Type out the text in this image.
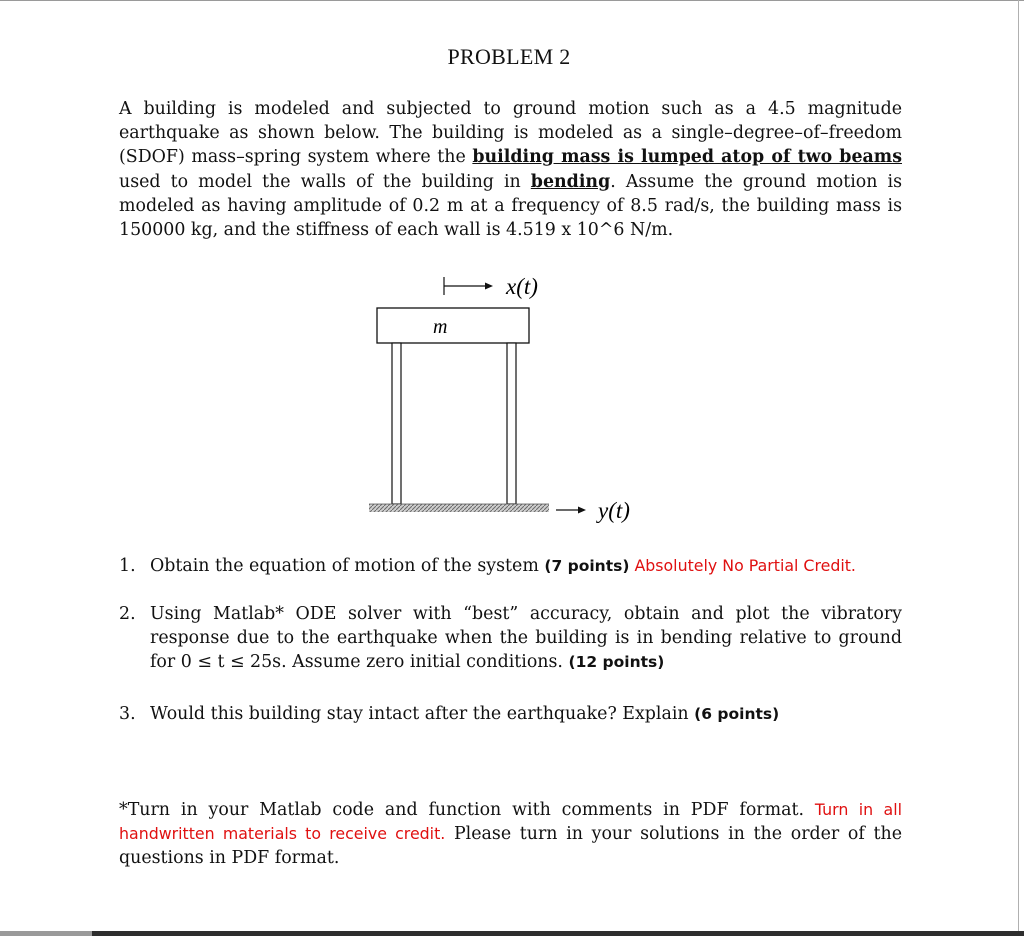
PROBLEM 2
A building is modeled and subjected to ground motion such as a 4.5 magnitude earthquake as shown below. The building is modeled as a single–degree–of–freedom (SDOF) mass–spring system where the building mass is lumped atop of two beams used to model the walls of the building in bending. Assume the ground motion is modeled as having amplitude of 0.2 m at a frequency of 8.5 rad/s, the building mass is 150000 kg, and the stiffness of each wall is 4.519 x 10^6 N/m.
x(t)
m
y(t)
1. Obtain the equation of motion of the system (7 points) Absolutely No Partial Credit.
2. Using Matlab* ODE solver with “best” accuracy, obtain and plot the vibratory response due to the earthquake when the building is in bending relative to ground for 0 ≤ t ≤ 25s. Assume zero initial conditions. (12 points)
3. Would this building stay intact after the earthquake? Explain (6 points)
*Turn in your Matlab code and function with comments in PDF format. Turn in all handwritten materials to receive credit. Please turn in your solutions in the order of the questions in PDF format.
